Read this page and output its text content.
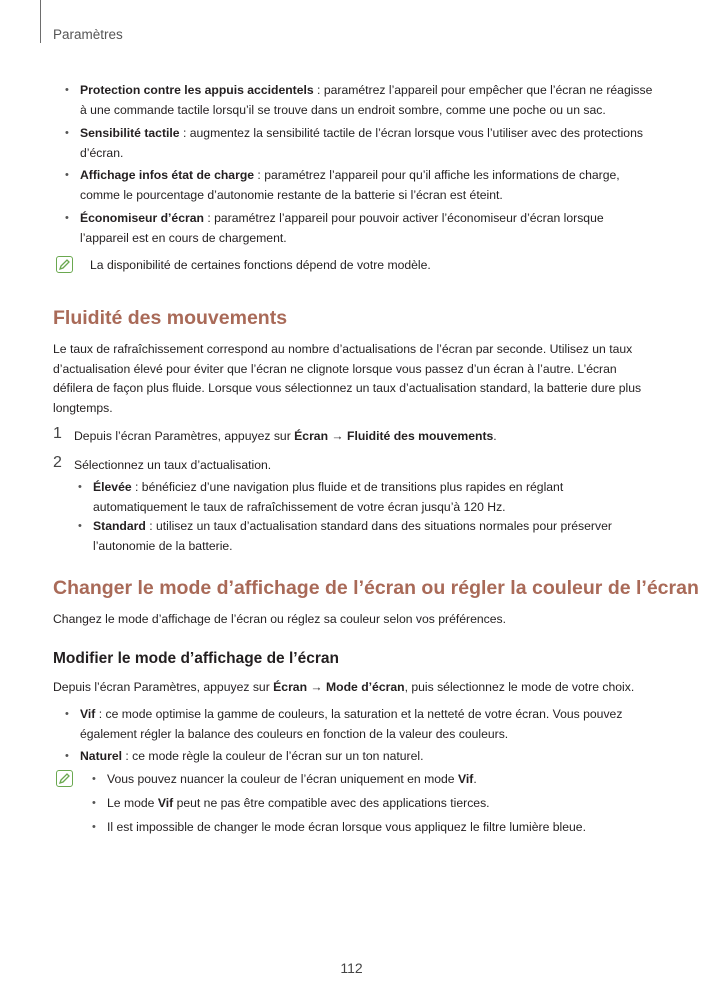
Paramètres
• Protection contre les appuis accidentels : paramétrez l’appareil pour empêcher que l’écran ne réagisse
à une commande tactile lorsqu’il se trouve dans un endroit sombre, comme une poche ou un sac.
• Sensibilité tactile : augmentez la sensibilité tactile de l’écran lorsque vous l’utiliser avec des protections
d’écran.
• Affichage infos état de charge : paramétrez l’appareil pour qu’il affiche les informations de charge,
comme le pourcentage d’autonomie restante de la batterie si l’écran est éteint.
• Économiseur d’écran : paramétrez l’appareil pour pouvoir activer l’économiseur d’écran lorsque
l’appareil est en cours de chargement.
La disponibilité de certaines fonctions dépend de votre modèle.
Fluidité des mouvements
Le taux de rafraîchissement correspond au nombre d’actualisations de l’écran par seconde. Utilisez un taux
d’actualisation élevé pour éviter que l’écran ne clignote lorsque vous passez d’un écran à l’autre. L’écran
défilera de façon plus fluide. Lorsque vous sélectionnez un taux d’actualisation standard, la batterie dure plus
longtemps.
1 Depuis l’écran Paramètres, appuyez sur Écran → Fluidité des mouvements.
2 Sélectionnez un taux d’actualisation.
• Élevée : bénéficiez d’une navigation plus fluide et de transitions plus rapides en réglant
automatiquement le taux de rafraîchissement de votre écran jusqu’à 120 Hz.
• Standard : utilisez un taux d’actualisation standard dans des situations normales pour préserver
l’autonomie de la batterie.
Changer le mode d’affichage de l’écran ou régler la couleur de l’écran
Changez le mode d’affichage de l’écran ou réglez sa couleur selon vos préférences.
Modifier le mode d’affichage de l’écran
Depuis l’écran Paramètres, appuyez sur Écran → Mode d’écran, puis sélectionnez le mode de votre choix.
• Vif : ce mode optimise la gamme de couleurs, la saturation et la netteté de votre écran. Vous pouvez
également régler la balance des couleurs en fonction de la valeur des couleurs.
• Naturel : ce mode règle la couleur de l’écran sur un ton naturel.
• Vous pouvez nuancer la couleur de l’écran uniquement en mode Vif.
• Le mode Vif peut ne pas être compatible avec des applications tierces.
• Il est impossible de changer le mode écran lorsque vous appliquez le filtre lumière bleue.
112
